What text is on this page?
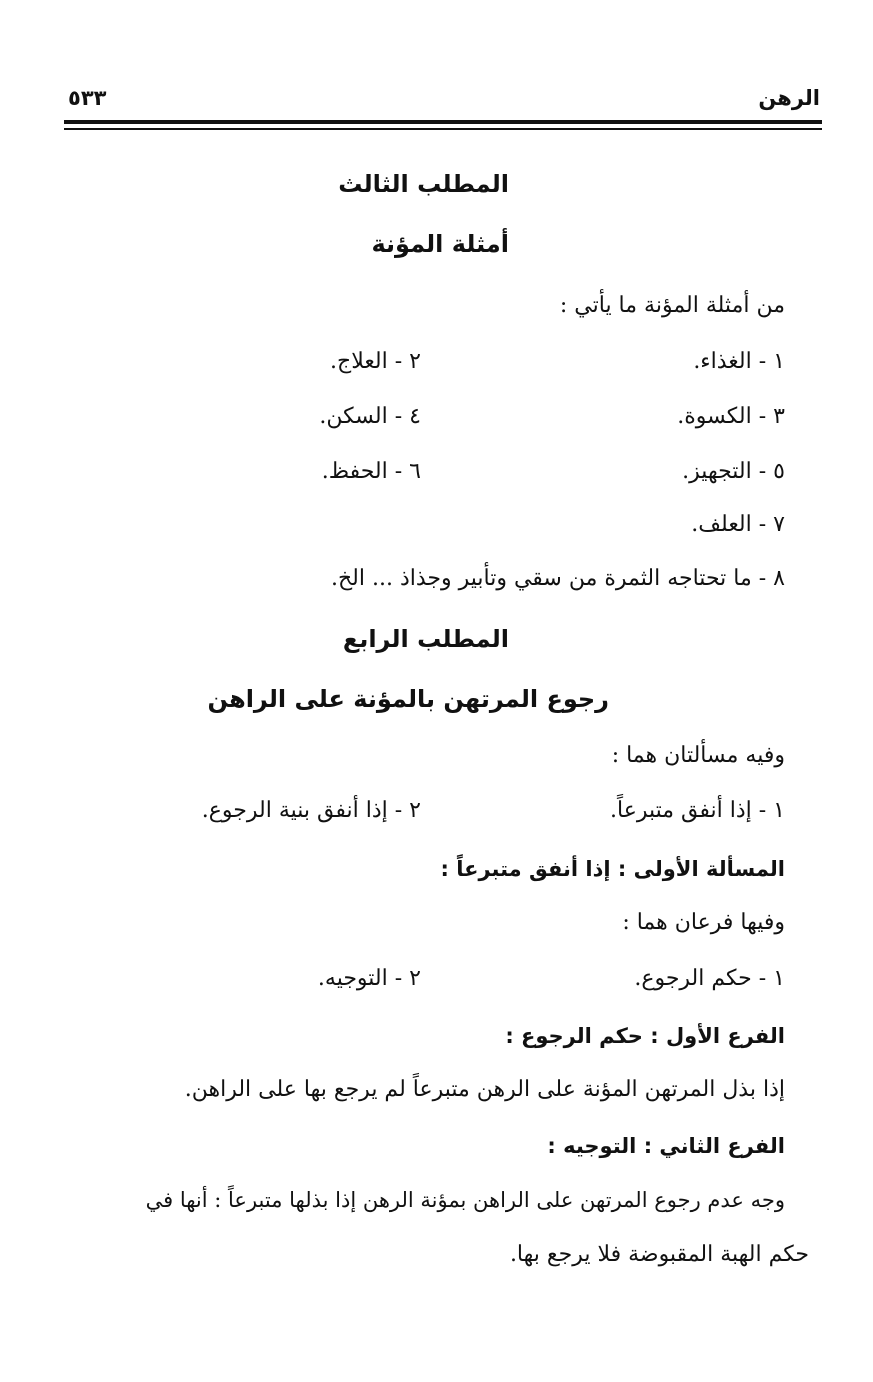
الرهن
٥٣٣
المطلب الثالث
أمثلة المؤنة
من أمثلة المؤنة ما يأتي :
١ - الغذاء.
٢ - العلاج.
٣ - الكسوة.
٤ - السكن.
٥ - التجهيز.
٦ - الحفظ.
٧ - العلف.
٨ - ما تحتاجه الثمرة من سقي وتأبير وجذاذ ... الخ.
المطلب الرابع
رجوع المرتهن بالمؤنة على الراهن
وفيه مسألتان هما :
١ - إذا أنفق متبرعاً.
٢ - إذا أنفق بنية الرجوع.
المسألة الأولى : إذا أنفق متبرعاً :
وفيها فرعان هما :
١ - حكم الرجوع.
٢ - التوجيه.
الفرع الأول : حكم الرجوع :
إذا بذل المرتهن المؤنة على الرهن متبرعاً لم يرجع بها على الراهن.
الفرع الثاني : التوجيه :
وجه عدم رجوع المرتهن على الراهن بمؤنة الرهن إذا بذلها متبرعاً : أنها في
حكم الهبة المقبوضة فلا يرجع بها.
